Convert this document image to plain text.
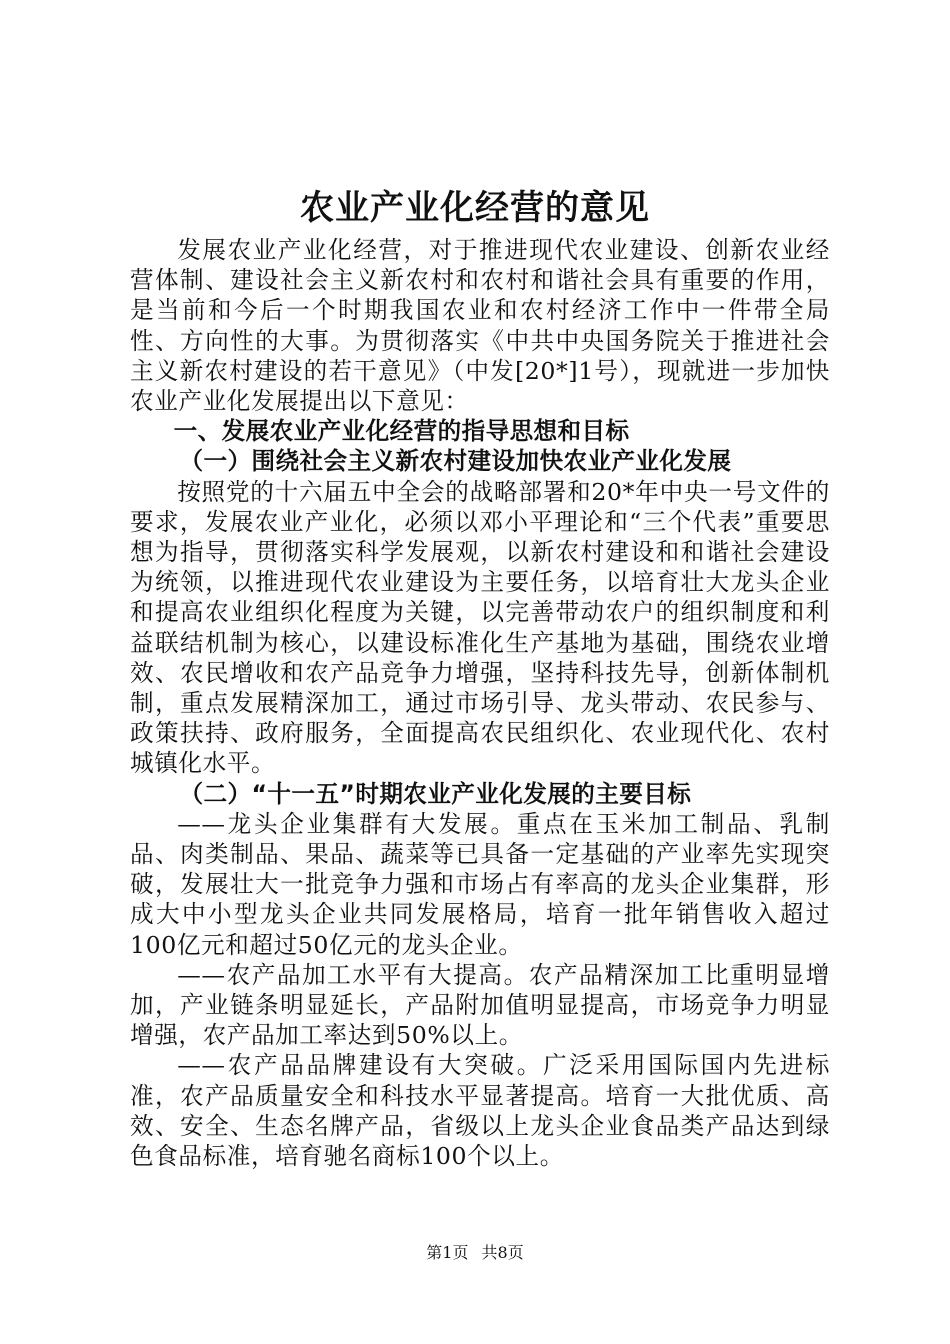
农业产业化经营的意见

发展农业产业化经营，对于推进现代农业建设、创新农业经营体制、建设社会主义新农村和农村和谐社会具有重要的作用，是当前和今后一个时期我国农业和农村经济工作中一件带全局性、方向性的大事。为贯彻落实《中共中央国务院关于推进社会主义新农村建设的若干意见》（中发[20*]1号），现就进一步加快农业产业化发展提出以下意见：

一、发展农业产业化经营的指导思想和目标
（一）围绕社会主义新农村建设加快农业产业化发展

按照党的十六届五中全会的战略部署和20*年中央一号文件的要求，发展农业产业化，必须以邓小平理论和“三个代表”重要思想为指导，贯彻落实科学发展观，以新农村建设和和谐社会建设为统领，以推进现代农业建设为主要任务，以培育壮大龙头企业和提高农业组织化程度为关键，以完善带动农户的组织制度和利益联结机制为核心，以建设标准化生产基地为基础，围绕农业增效、农民增收和农产品竞争力增强，坚持科技先导，创新体制机制，重点发展精深加工，通过市场引导、龙头带动、农民参与、政策扶持、政府服务，全面提高农民组织化、农业现代化、农村城镇化水平。

（二）“十一五”时期农业产业化发展的主要目标

——龙头企业集群有大发展。重点在玉米加工制品、乳制品、肉类制品、果品、蔬菜等已具备一定基础的产业率先实现突破，发展壮大一批竞争力强和市场占有率高的龙头企业集群，形成大中小型龙头企业共同发展格局，培育一批年销售收入超过100亿元和超过50亿元的龙头企业。

——农产品加工水平有大提高。农产品精深加工比重明显增加，产业链条明显延长，产品附加值明显提高，市场竞争力明显增强，农产品加工率达到50%以上。

——农产品品牌建设有大突破。广泛采用国际国内先进标准，农产品质量安全和科技水平显著提高。培育一大批优质、高效、安全、生态名牌产品，省级以上龙头企业食品类产品达到绿色食品标准，培育驰名商标100个以上。

第1页 共8页
